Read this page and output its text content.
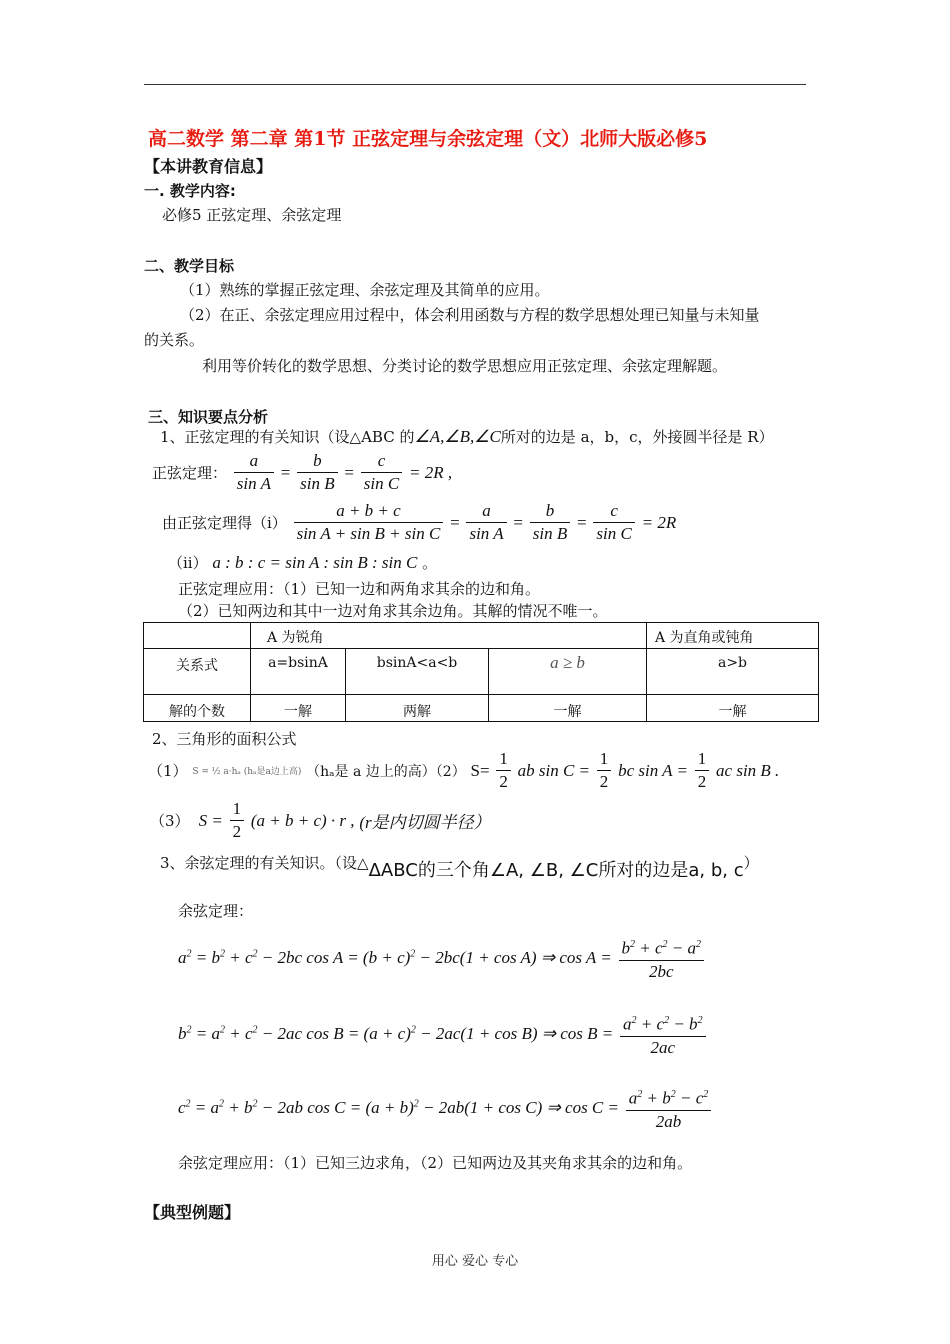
高二数学 第二章 第1节 正弦定理与余弦定理（文）北师大版必修5
【本讲教育信息】
一. 教学内容:
必修5 正弦定理、余弦定理
二、教学目标
（1）熟练的掌握正弦定理、余弦定理及其简单的应用。
（2）在正、余弦定理应用过程中，体会利用函数与方程的数学思想处理已知量与未知量
的关系。
利用等价转化的数学思想、分类讨论的数学思想应用正弦定理、余弦定理解题。
三、知识要点分析
1、正弦定理的有关知识（设△ABC 的∠A,∠B,∠C所对的边是 a，b，c，外接圆半径是 R）
正弦定理： $\frac{a}{\text{sin A}} = \frac{b}{\text{sin B}} = \frac{c}{\text{sin C}} = 2R$ ,
由正弦定理得$(i) \frac{a + b + c}{\text{sin A + sin B + sin C}} = \frac{a}{\text{sin A}} = \frac{b}{\text{sin B}} = \frac{c}{\text{sin C}} = 2R$
（ii） a : b : c = sin A : sin B : sin C 。
正弦定理应用：（1）已知一边和两角求其余的边和角。
（2）已知两边和其中一边对角求其余边角。其解的情况不唯一。
	A 为锐角			A 为直角或钝角
关系式	a=bsinA	bsinA<a<b	a ≥ b	a>b
解的个数	一解	两解	一解	一解
2、三角形的面积公式
（1） S = ½ a·hₐ (hₐ是a边上高) （hₐ是 a 边上的高）（2） $S= \frac{1}{2}$ ab $\sin C = \frac{1}{2}$ bc $\sin A = \frac{1}{2}$ ac sin B .
（3）  $S = \frac{1}{2} (a + b + c) \cdot r$ , (r是内切圆半径）
3、余弦定理的有关知识。（设△ΔABC的三个角∠A, ∠B, ∠C所对的边是a, b, c）
余弦定理：
$a^2 = b^2 + c^2 - 2bc$ $\cos A = (b + c)^2 - 2bc(1 + \cos A)$ ⇒ $\cos A = \frac{b^2 + c^2 - a^2}{2bc}$
$b^2 = a^2 + c^2 - 2ac$ $\cos B = (a + c)^2 - 2ac(1 + \cos B)$ ⇒ $\cos B = \frac{a^2 + c^2 - b^2}{2ac}$
$c^2 = a^2 + b^2 - 2ab$ $\cos C = (a + b)^2 - 2ab(1 + \cos C)$ ⇒ $\cos C = \frac{a^2 + b^2 - c^2}{2ab}$
余弦定理应用：（1）已知三边求角，（2）已知两边及其夹角求其余的边和角。
【典型例题】
用心 爱心 专心
